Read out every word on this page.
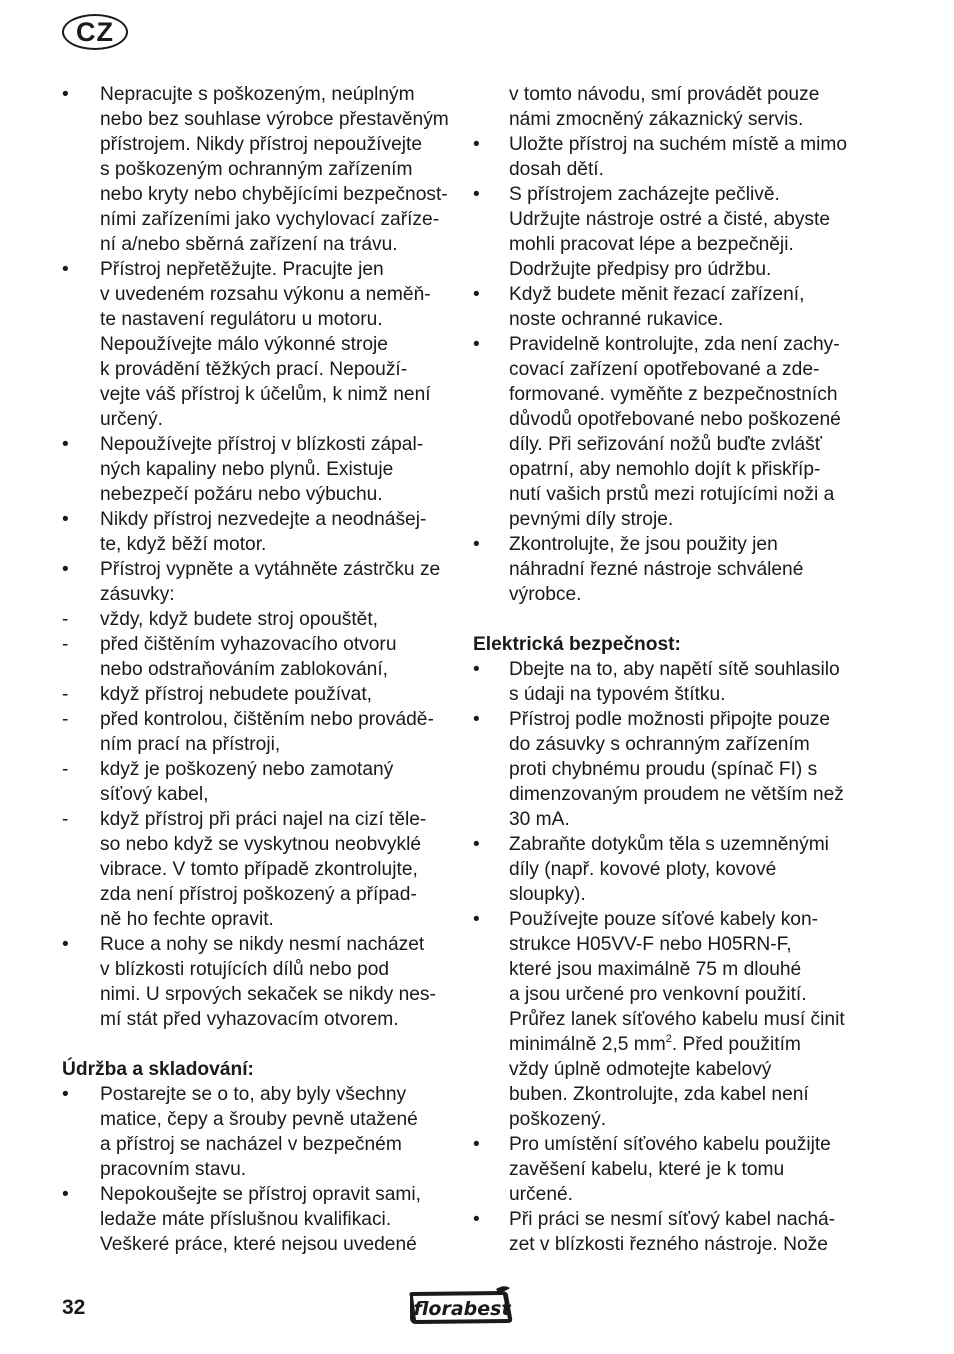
CZ
• Nepracujte s poškozeným, neúplným
nebo bez souhlase výrobce přestavěným
přístrojem. Nikdy přístroj nepoužívejte
s poškozeným ochranným zařízením
nebo kryty nebo chybějícími bezpečnost-
ními zařízeními jako vychylovací zaříze-
ní a/nebo sběrná zařízení na trávu.
• Přístroj nepřetěžujte. Pracujte jen
v uvedeném rozsahu výkonu a neměň-
te nastavení regulátoru u motoru.
Nepoužívejte málo výkonné stroje
k provádění těžkých prací. Nepouží-
vejte váš přístroj k účelům, k nimž není
určený.
• Nepoužívejte přístroj v blízkosti zápal-
ných kapaliny nebo plynů. Existuje
nebezpečí požáru nebo výbuchu.
• Nikdy přístroj nezvedejte a neodnášej-
te, když běží motor.
• Přístroj vypněte a vytáhněte zástrčku ze
zásuvky:
- vždy, když budete stroj opouštět,
- před čištěním vyhazovacího otvoru
nebo odstraňováním zablokování,
- když přístroj nebudete používat,
- před kontrolou, čištěním nebo provádě-
ním prací na přístroji,
- když je poškozený nebo zamotaný
síťový kabel,
- když přístroj při práci najel na cizí těle-
so nebo když se vyskytnou neobvyklé
vibrace. V tomto případě zkontrolujte,
zda není přístroj poškozený a případ-
ně ho fechte opravit.
• Ruce a nohy se nikdy nesmí nacházet
v blízkosti rotujících dílů nebo pod
nimi. U srpových sekaček se nikdy nes-
mí stát před vyhazovacím otvorem.
Údržba a skladování:
• Postarejte se o to, aby byly všechny
matice, čepy a šrouby pevně utažené
a přístroj se nacházel v bezpečném
pracovním stavu.
• Nepokoušejte se přístroj opravit sami,
ledaže máte příslušnou kvalifikaci.
Veškeré práce, které nejsou uvedené
v tomto návodu, smí provádět pouze
námi zmocněný zákaznický servis.
• Uložte přístroj na suchém místě a mimo
dosah dětí.
• S přístrojem zacházejte pečlivě.
Udržujte nástroje ostré a čisté, abyste
mohli pracovat lépe a bezpečněji.
Dodržujte předpisy pro údržbu.
• Když budete měnit řezací zařízení,
noste ochranné rukavice.
• Pravidelně kontrolujte, zda není zachy-
covací zařízení opotřebované a zde-
formované. vyměňte z bezpečnostních
důvodů opotřebované nebo poškozené
díly. Při seřizování nožů buďte zvlášť
opatrní, aby nemohlo dojít k přiskříp-
nutí vašich prstů mezi rotujícími noži a
pevnými díly stroje.
• Zkontrolujte, že jsou použity jen
náhradní řezné nástroje schválené
výrobce.
Elektrická bezpečnost:
• Dbejte na to, aby napětí sítě souhlasilo
s údaji na typovém štítku.
• Přístroj podle možnosti připojte pouze
do zásuvky s ochranným zařízením
proti chybnému proudu (spínač FI) s
dimenzovaným proudem ne větším než
30 mA.
• Zabraňte dotykům těla s uzemněnými
díly (např. kovové ploty, kovové
sloupky).
• Používejte pouze síťové kabely kon-
strukce H05VV-F nebo H05RN-F,
které jsou maximálně 75 m dlouhé
a jsou určené pro venkovní použití.
Průřez lanek síťového kabelu musí činit
minimálně 2,5 $mm^2$. Před použitím
vždy úplně odmotejte kabelový
buben. Zkontrolujte, zda kabel není
poškozený.
• Pro umístění síťového kabelu použijte
zavěšení kabelu, které je k tomu
určené.
• Při práci se nesmí síťový kabel nachá-
zet v blízkosti řezného nástroje. Nože
32	florabest
